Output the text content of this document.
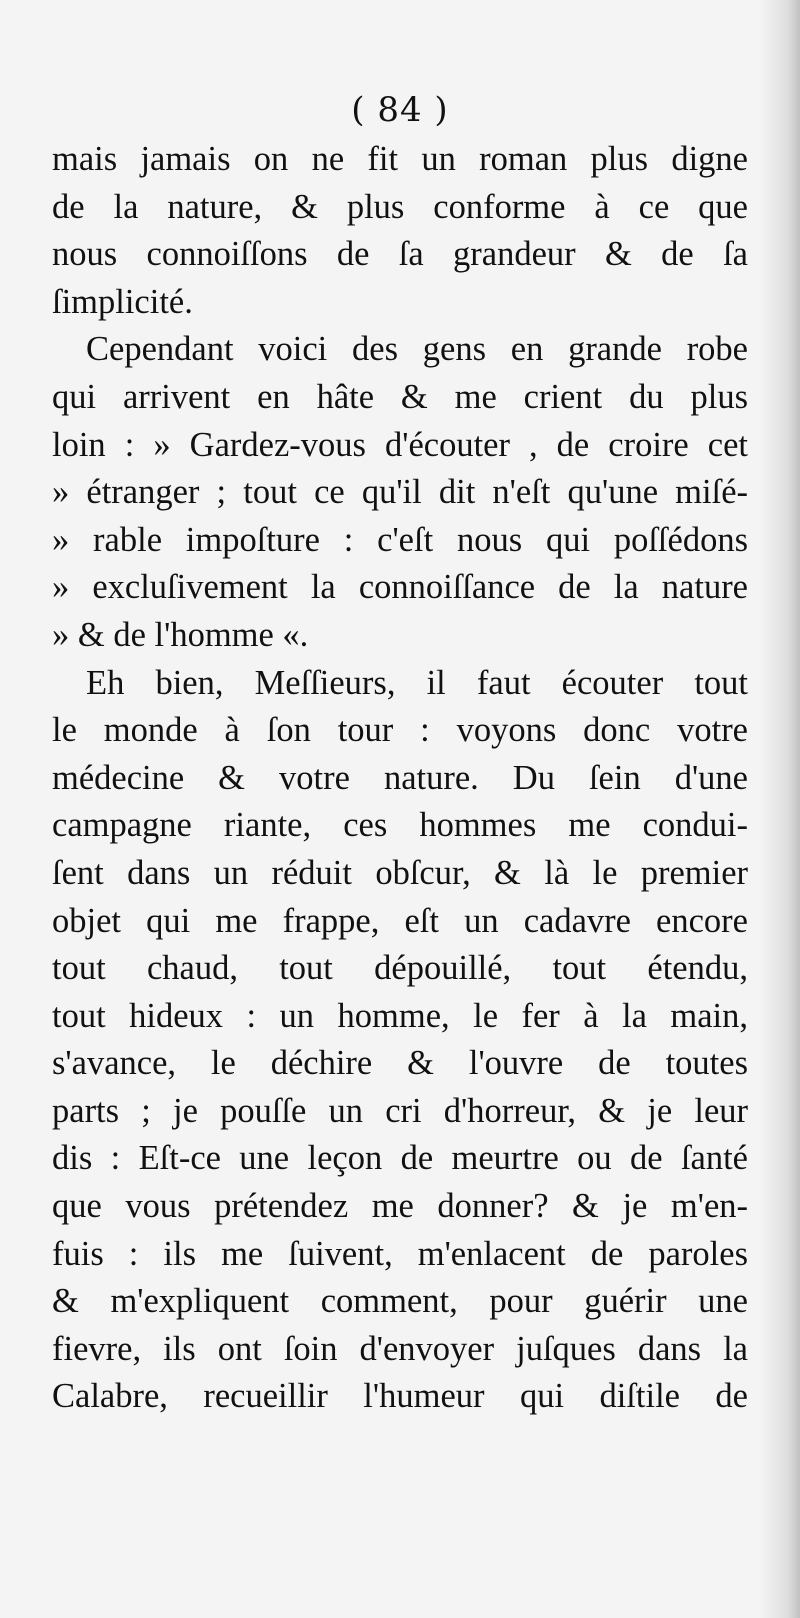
( 84 )
mais jamais on ne fit un roman plus digne
de la nature, & plus conforme à ce que
nous connoiſſons de ſa grandeur & de ſa
ſimplicité.
Cependant voici des gens en grande robe
qui arrivent en hâte & me crient du plus
loin : » Gardez-vous d'écouter , de croire cet
» étranger ; tout ce qu'il dit n'eſt qu'une miſé-
» rable impoſture : c'eſt nous qui poſſédons
» excluſivement la connoiſſance de la nature
» & de l'homme «.
Eh bien, Meſſieurs, il faut écouter tout
le monde à ſon tour : voyons donc votre
médecine & votre nature. Du ſein d'une
campagne riante, ces hommes me condui-
ſent dans un réduit obſcur, & là le premier
objet qui me frappe, eſt un cadavre encore
tout chaud, tout dépouillé, tout étendu,
tout hideux : un homme, le fer à la main,
s'avance, le déchire & l'ouvre de toutes
parts ; je pouſſe un cri d'horreur, & je leur
dis : Eſt-ce une leçon de meurtre ou de ſanté
que vous prétendez me donner? & je m'en-
fuis : ils me ſuivent, m'enlacent de paroles
& m'expliquent comment, pour guérir une
fievre, ils ont ſoin d'envoyer juſques dans la
Calabre, recueillir l'humeur qui diſtile de
